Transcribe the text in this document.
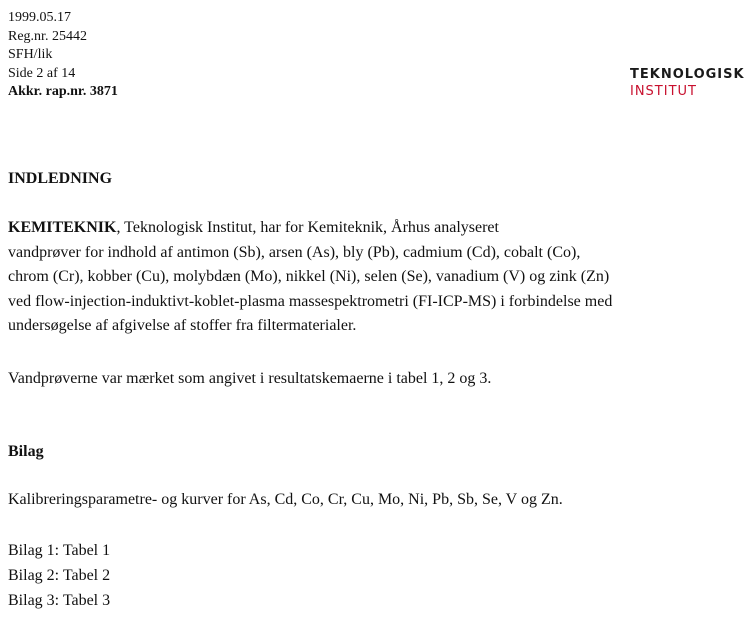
1999.05.17
Reg.nr. 25442
SFH/lik
Side 2 af 14
Akkr. rap.nr. 3871
TEKNOLOGISK
INSTITUT
INDLEDNING
KEMITEKNIK, Teknologisk Institut, har for Kemiteknik, Århus analyseret
vandprøver for indhold af antimon (Sb), arsen (As), bly (Pb), cadmium (Cd), cobalt (Co),
chrom (Cr), kobber (Cu), molybdæn (Mo), nikkel (Ni), selen (Se), vanadium (V) og zink (Zn)
ved flow-injection-induktivt-koblet-plasma massespektrometri (FI-ICP-MS) i forbindelse med
undersøgelse af afgivelse af stoffer fra filtermaterialer.
Vandprøverne var mærket som angivet i resultatskemaerne i tabel 1, 2 og 3.
Bilag
Kalibreringsparametre- og kurver for As, Cd, Co, Cr, Cu, Mo, Ni, Pb, Sb, Se, V og Zn.
Bilag 1: Tabel 1
Bilag 2: Tabel 2
Bilag 3: Tabel 3
